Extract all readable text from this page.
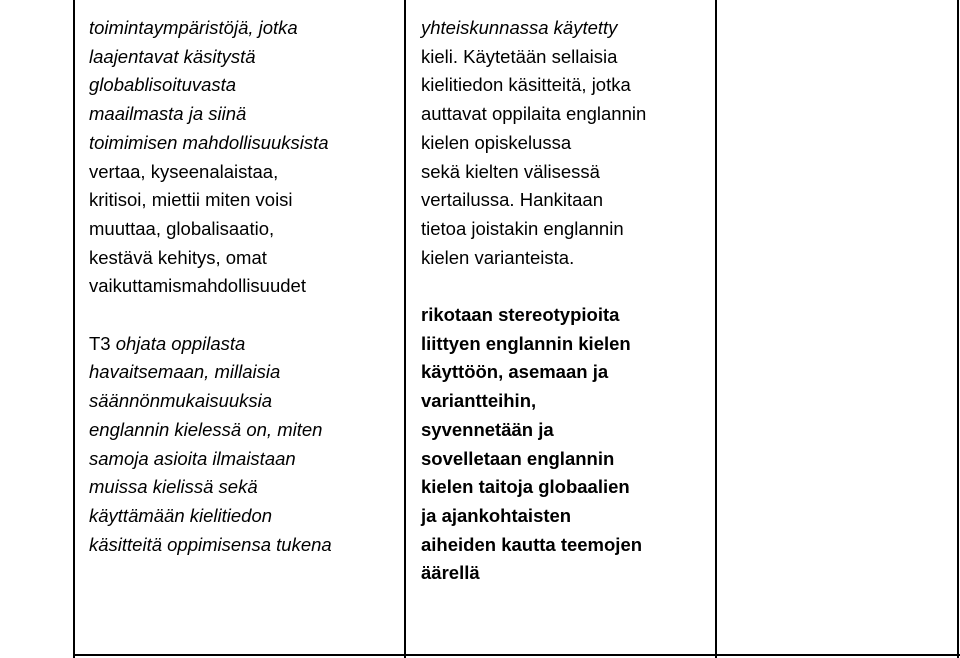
toimintaympäristöjä, jotka
laajentavat käsitystä
globablisoituvasta
maailmasta ja siinä
toimimisen mahdollisuuksista

vertaa, kyseenalaistaa,
kritisoi, miettii miten voisi
muuttaa, globalisaatio,
kestävä kehitys, omat
vaikuttamismahdollisuudet

T3 ohjata oppilasta

havaitsemaan, millaisia
säännönmukaisuuksia
englannin kielessä on, miten
samoja asioita ilmaistaan
muissa kielissä sekä
käyttämään kielitiedon
käsitteitä oppimisensa tukena

yhteiskunnassa käytetty

kieli. Käytetään sellaisia
kielitiedon käsitteitä, jotka
auttavat oppilaita englannin
kielen opiskelussa
sekä kielten välisessä
vertailussa. Hankitaan
tietoa joistakin englannin
kielen varianteista.

rikotaan stereotypioita
liittyen englannin kielen
käyttöön, asemaan ja
variantteihin,
syvennetään ja
sovelletaan englannin
kielen taitoja globaalien
ja ajankohtaisten
aiheiden kautta teemojen
äärellä
